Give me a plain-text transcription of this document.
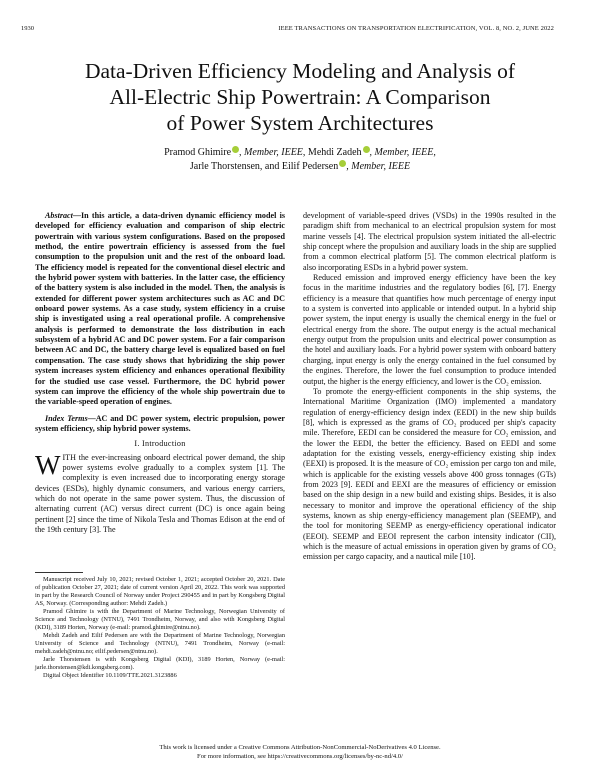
1930	IEEE TRANSACTIONS ON TRANSPORTATION ELECTRIFICATION, VOL. 8, NO. 2, JUNE 2022
Data-Driven Efficiency Modeling and Analysis of
All-Electric Ship Powertrain: A Comparison
of Power System Architectures
Pramod Ghimire , Member, IEEE, Mehdi Zadeh , Member, IEEE,
Jarle Thorstensen, and Eilif Pedersen , Member, IEEE

Abstract—In this article, a data-driven dynamic efficiency model is developed for efficiency evaluation and comparison of ship electric powertrain with various system configurations. Based on the proposed method, the entire powertrain efficiency is assessed from the fuel consumption to the propulsion unit and the rest of the onboard load. The efficiency model is repeated for the conventional diesel electric and the hybrid power system with batteries. In the latter case, the efficiency of the battery system is also included in the model. Then, the analysis is extended for different power system architectures such as AC and DC onboard power systems. As a case study, system efficiency in a cruise ship is investigated using a real operational profile. A comprehensive analysis is performed to demonstrate the loss distribution in each subsystem of a hybrid AC and DC power system. For a fair comparison between AC and DC, the battery charge level is equalized based on fuel compensation. The case study shows that hybridizing the ship power system increases system efficiency and enhances operational flexibility for the studied use case vessel. Furthermore, the DC hybrid power system can improve the efficiency of the whole ship powertrain due to the variable-speed operation of engines.

Index Terms—AC and DC power system, electric propulsion, power system efficiency, ship hybrid power systems.

I. Introduction

WITH the ever-increasing onboard electrical power demand, the ship power systems evolve gradually to a complex system [1]. The complexity is even increased due to incorporating energy storage devices (ESDs), highly dynamic consumers, and various energy carriers, which do not operate in the same power system. Thus, the discussion of alternating current (AC) versus direct current (DC) is once again being pertinent [2] since the time of Nikola Tesla and Thomas Edison at the end of the 19th century [3]. The

Manuscript received July 10, 2021; revised October 1, 2021; accepted October 20, 2021. Date of publication October 27, 2021; date of current version April 20, 2022. This work was supported in part by the Research Council of Norway under Project 290455 and in part by Kongsberg Digital AS, Norway. (Corresponding author: Mehdi Zadeh.)

Pramod Ghimire is with the Department of Marine Technology, Norwegian University of Science and Technology (NTNU), 7491 Trondheim, Norway, and also with Kongsberg Digital (KDI), 3189 Horten, Norway (e-mail: pramod.ghimire@ntnu.no).

Mehdi Zadeh and Eilif Pedersen are with the Department of Marine Technology, Norwegian University of Science and Technology (NTNU), 7491 Trondheim, Norway (e-mail: mehdi.zadeh@ntnu.no; eilif.pedersen@ntnu.no).

Jarle Thorstensen is with Kongsberg Digital (KDI), 3189 Horten, Norway (e-mail: jarle.thorstensen@kdi.kongsberg.com).

Digital Object Identifier 10.1109/TTE.2021.3123886

development of variable-speed drives (VSDs) in the 1990s resulted in the paradigm shift from mechanical to an electrical propulsion system for most marine vessels [4]. The electrical propulsion system initiated the all-electric ship concept where the propulsion and auxiliary loads in the ship are supplied from a common electrical platform [5]. The common electrical platform is also incorporating ESDs in a hybrid power system.

Reduced emission and improved energy efficiency have been the key focus in the maritime industries and the regulatory bodies [6], [7]. Energy efficiency is a measure that quantifies how much percentage of energy input to a system is converted into applicable or intended output. In a hybrid ship power system, the input energy is usually the chemical energy in the fuel or electrical energy from the shore. The output energy is the actual mechanical energy output from the propulsion units and electrical power consumption as the hotel and auxiliary loads. For a hybrid power system with onboard battery charging, input energy is only the energy contained in the fuel consumed by the engines. Therefore, the lower the fuel consumption to produce intended output, the higher is the energy efficiency, and lower is the CO₂ emission.

To promote the energy-efficient components in the ship systems, the International Maritime Organization (IMO) implemented a mandatory regulation of energy-efficiency design index (EEDI) in the new ship builds [8], which is expressed as the grams of CO₂ produced per ship's capacity mile. Therefore, EEDI can be considered the measure for CO₂ emission, and the lower the EEDI, the better the efficiency. Based on EEDI and some adaptation for the existing vessels, energy-efficiency existing ship index (EEXI) is proposed. It is the measure of CO₂ emission per cargo ton and mile, which is applicable for the existing vessels above 400 gross tonnages (GTs) from 2023 [9]. EEDI and EEXI are the measures of efficiency or emission based on the ship design in a new build and existing ships. Besides, it is also necessary to monitor and improve the operational efficiency of the ship systems, known as ship energy-efficiency management plan (SEEMP), and the tool for monitoring SEEMP as energy-efficiency operational indicator (EEOI). SEEMP and EEOI represent the carbon intensity indicator (CII), which is the measure of actual emissions in operation given by grams of CO₂ emission per cargo capacity, and a nautical mile [10].

This work is licensed under a Creative Commons Attribution-NonCommercial-NoDerivatives 4.0 License.
For more information, see https://creativecommons.org/licenses/by-nc-nd/4.0/
